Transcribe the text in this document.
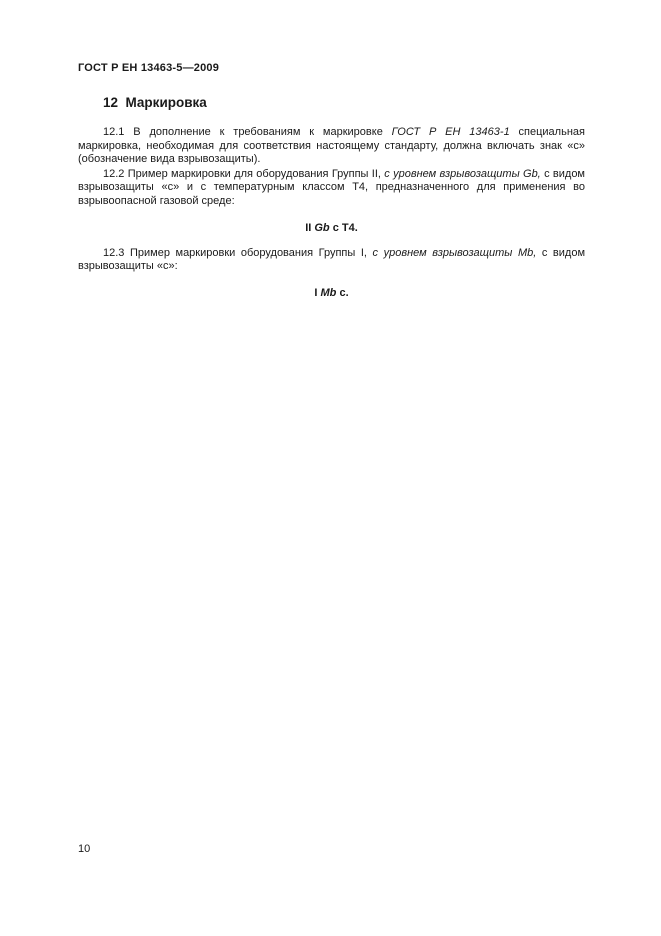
ГОСТ Р ЕН 13463-5—2009
12  Маркировка

12.1 В дополнение к требованиям к маркировке ГОСТ Р ЕН 13463-1 специальная маркировка, необходимая для соответствия настоящему стандарту, должна включать знак «с» (обозначение вида взрывозащиты).

12.2 Пример маркировки для оборудования Группы II, с уровнем взрывозащиты Gb, с видом взрывозащиты «с» и с температурным классом Т4, предназначенного для применения во взрывоопасной газовой среде:

II Gb с Т4.

12.3 Пример маркировки оборудования Группы I, с уровнем взрывозащиты Mb, с видом взрывозащиты «с»:

I Mb с.
10
